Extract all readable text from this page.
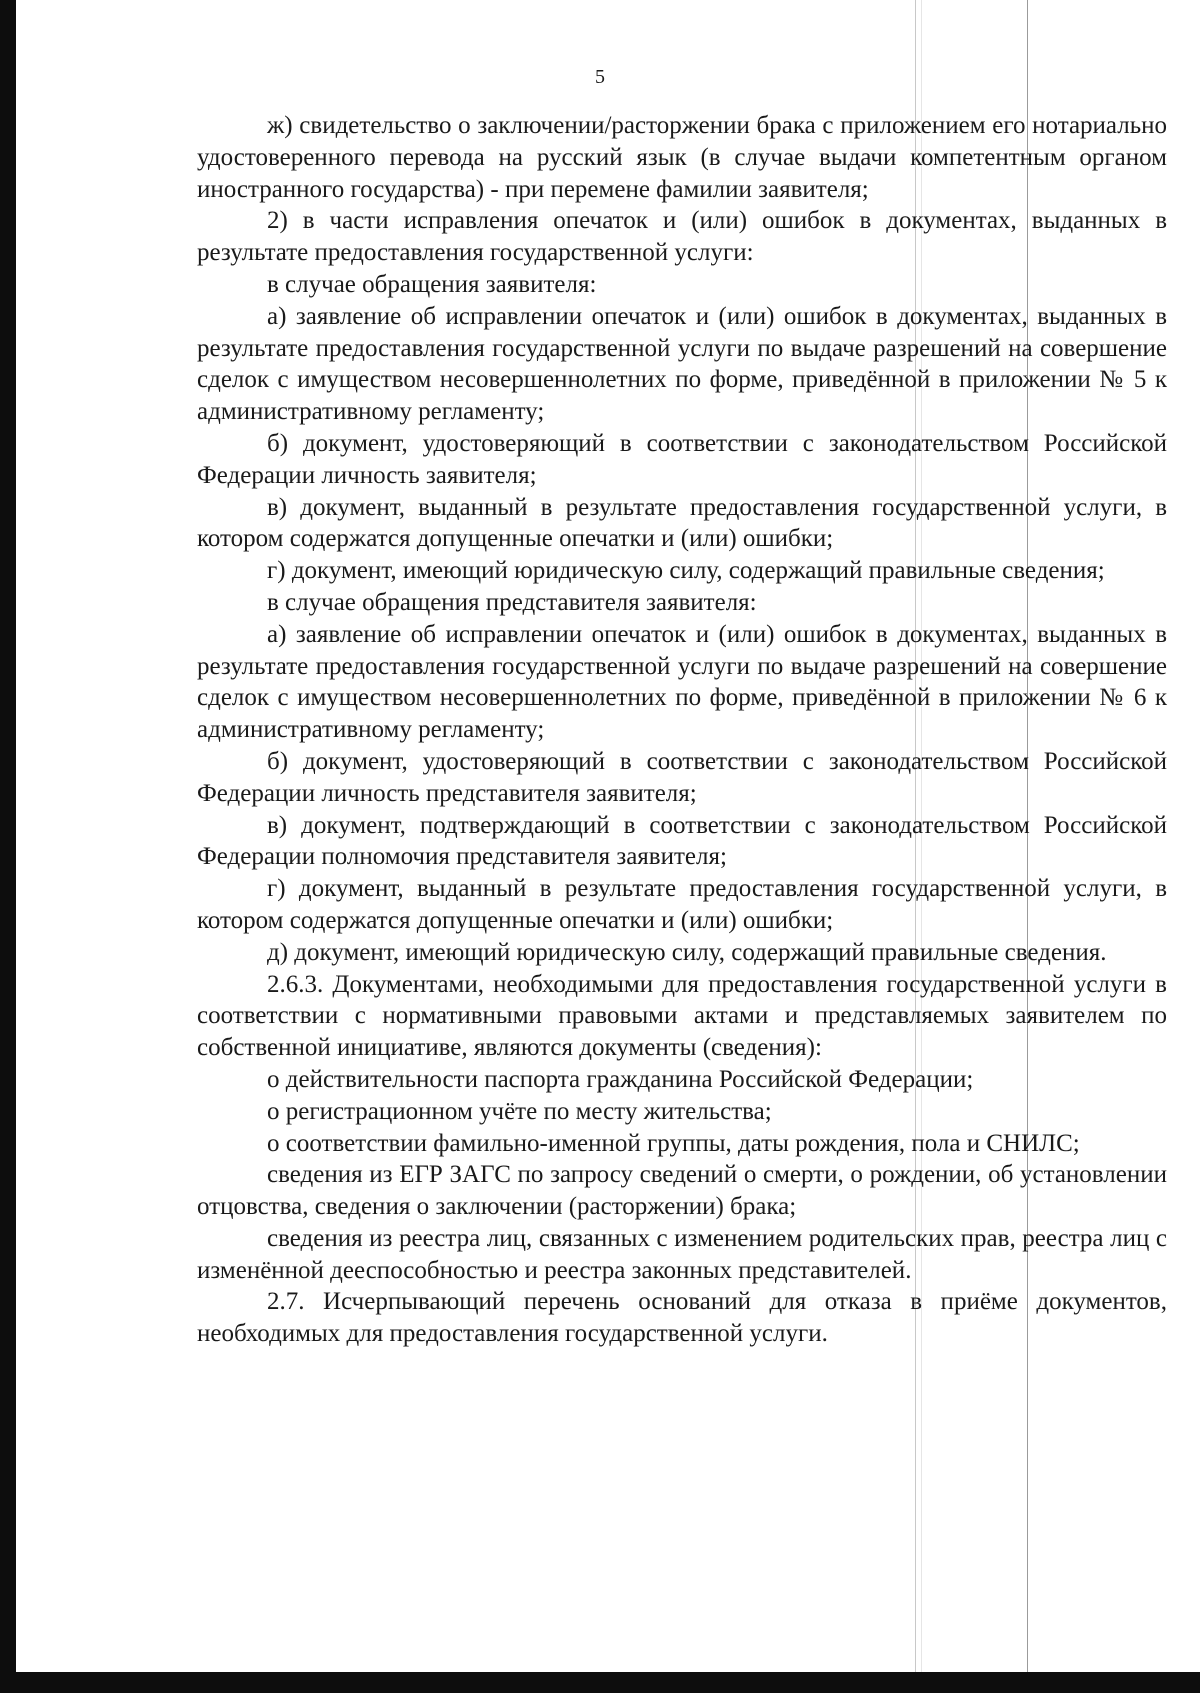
5

ж) свидетельство о заключении/расторжении брака с приложением его нотариально удостоверенного перевода на русский язык (в случае выдачи компетентным органом иностранного государства) - при перемене фамилии заявителя;

2) в части исправления опечаток и (или) ошибок в документах, выданных в результате предоставления государственной услуги:

в случае обращения заявителя:

а) заявление об исправлении опечаток и (или) ошибок в документах, выданных в результате предоставления государственной услуги по выдаче разрешений на совершение сделок с имуществом несовершеннолетних по форме, приведённой в приложении № 5 к административному регламенту;

б) документ, удостоверяющий в соответствии с законодательством Российской Федерации личность заявителя;

в) документ, выданный в результате предоставления государственной услуги, в котором содержатся допущенные опечатки и (или) ошибки;

г) документ, имеющий юридическую силу, содержащий правильные сведения;

в случае обращения представителя заявителя:

а) заявление об исправлении опечаток и (или) ошибок в документах, выданных в результате предоставления государственной услуги по выдаче разрешений на совершение сделок с имуществом несовершеннолетних по форме, приведённой в приложении № 6 к административному регламенту;

б) документ, удостоверяющий в соответствии с законодательством Российской Федерации личность представителя заявителя;

в) документ, подтверждающий в соответствии с законодательством Российской Федерации полномочия представителя заявителя;

г) документ, выданный в результате предоставления государственной услуги, в котором содержатся допущенные опечатки и (или) ошибки;

д) документ, имеющий юридическую силу, содержащий правильные сведения.

2.6.3. Документами, необходимыми для предоставления государственной услуги в соответствии с нормативными правовыми актами и представляемых заявителем по собственной инициативе, являются документы (сведения):

о действительности паспорта гражданина Российской Федерации;

о регистрационном учёте по месту жительства;

о соответствии фамильно-именной группы, даты рождения, пола и СНИЛС;

сведения из ЕГР ЗАГС по запросу сведений о смерти, о рождении, об установлении отцовства, сведения о заключении (расторжении) брака;

сведения из реестра лиц, связанных с изменением родительских прав, реестра лиц с изменённой дееспособностью и реестра законных представителей.

2.7. Исчерпывающий перечень оснований для отказа в приёме документов, необходимых для предоставления государственной услуги.
